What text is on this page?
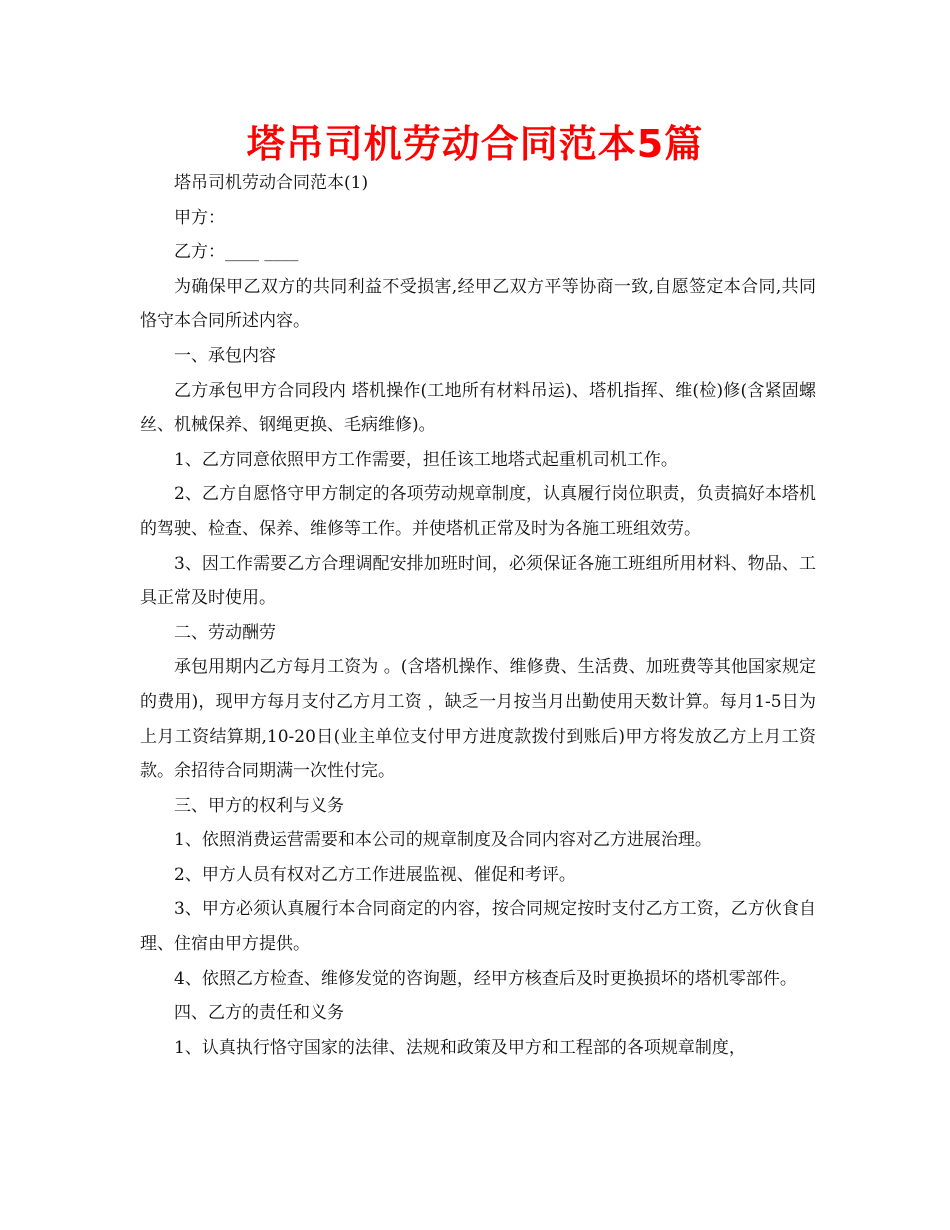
塔吊司机劳动合同范本5篇

塔吊司机劳动合同范本(1)

甲方：

乙方：____ ____

为确保甲乙双方的共同利益不受损害,经甲乙双方平等协商一致,自愿签定本合同,共同恪守本合同所述内容。

一、承包内容

乙方承包甲方合同段内 塔机操作(工地所有材料吊运)、塔机指挥、维(检)修(含紧固螺丝、机械保养、钢绳更换、毛病维修)。

1、乙方同意依照甲方工作需要，担任该工地塔式起重机司机工作。

2、乙方自愿恪守甲方制定的各项劳动规章制度，认真履行岗位职责，负责搞好本塔机的驾驶、检查、保养、维修等工作。并使塔机正常及时为各施工班组效劳。

3、因工作需要乙方合理调配安排加班时间，必须保证各施工班组所用材料、物品、工具正常及时使用。

二、劳动酬劳

承包用期内乙方每月工资为 。(含塔机操作、维修费、生活费、加班费等其他国家规定的费用)，现甲方每月支付乙方月工资 ，缺乏一月按当月出勤使用天数计算。每月1-5日为上月工资结算期,10-20日(业主单位支付甲方进度款拨付到账后)甲方将发放乙方上月工资款。余招待合同期满一次性付完。

三、甲方的权利与义务

1、依照消费运营需要和本公司的规章制度及合同内容对乙方进展治理。

2、甲方人员有权对乙方工作进展监视、催促和考评。

3、甲方必须认真履行本合同商定的内容，按合同规定按时支付乙方工资，乙方伙食自理、住宿由甲方提供。

4、依照乙方检查、维修发觉的咨询题，经甲方核查后及时更换损坏的塔机零部件。

四、乙方的责任和义务

1、认真执行恪守国家的法律、法规和政策及甲方和工程部的各项规章制度，
